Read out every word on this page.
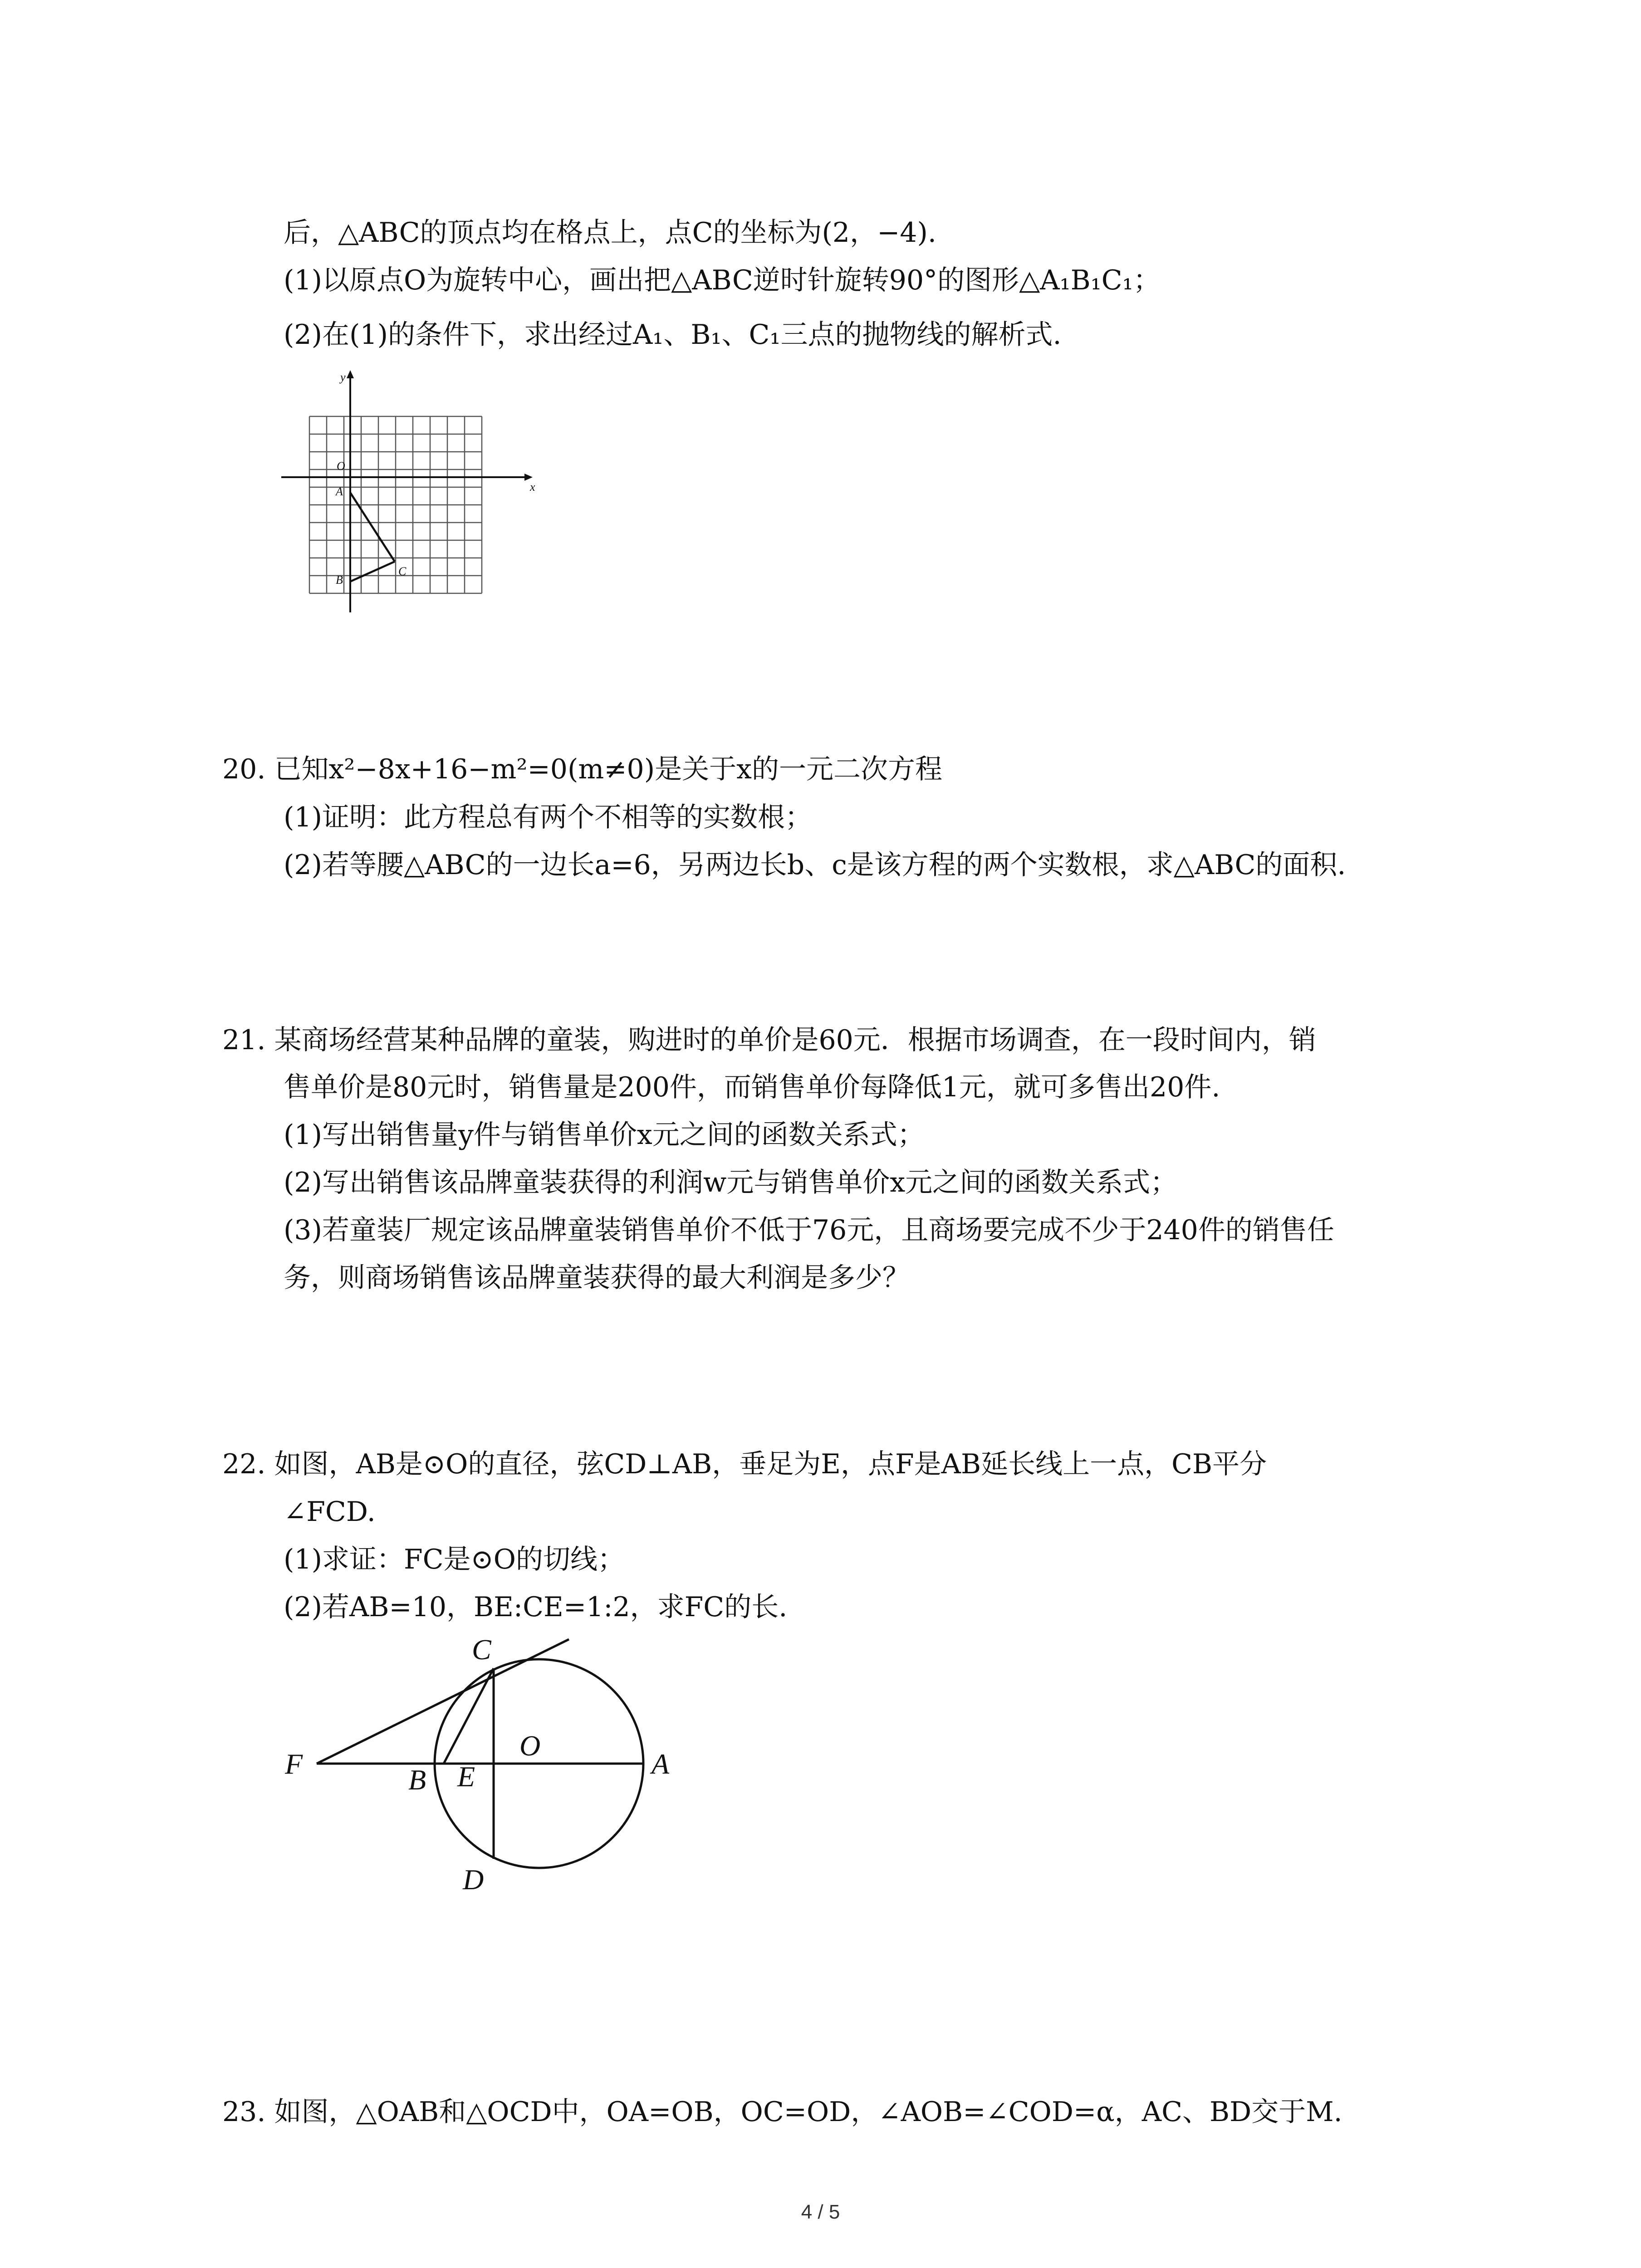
后，△ABC的顶点均在格点上，点C的坐标为(2，−4).
(1)以原点O为旋转中心，画出把△ABC逆时针旋转90°的图形△A₁B₁C₁；
(2)在(1)的条件下，求出经过A₁、B₁、C₁三点的抛物线的解析式.
y
x
O
A
B
C
20. 已知x²−8x+16−m²=0(m≠0)是关于x的一元二次方程
(1)证明：此方程总有两个不相等的实数根；
(2)若等腰△ABC的一边长a=6，另两边长b、c是该方程的两个实数根，求△ABC的面积.
21. 某商场经营某种品牌的童装，购进时的单价是60元．根据市场调查，在一段时间内，销
售单价是80元时，销售量是200件，而销售单价每降低1元，就可多售出20件.
(1)写出销售量y件与销售单价x元之间的函数关系式；
(2)写出销售该品牌童装获得的利润w元与销售单价x元之间的函数关系式；
(3)若童装厂规定该品牌童装销售单价不低于76元，且商场要完成不少于240件的销售任
务，则商场销售该品牌童装获得的最大利润是多少？
22. 如图，AB是⊙O的直径，弦CD⊥AB，垂足为E，点F是AB延长线上一点，CB平分
∠FCD.
(1)求证：FC是⊙O的切线；
(2)若AB=10，BE:CE=1:2，求FC的长.
C
O
F	B E	A
D
23. 如图，△OAB和△OCD中，OA=OB，OC=OD，∠AOB=∠COD=α，AC、BD交于M.
4 / 5
